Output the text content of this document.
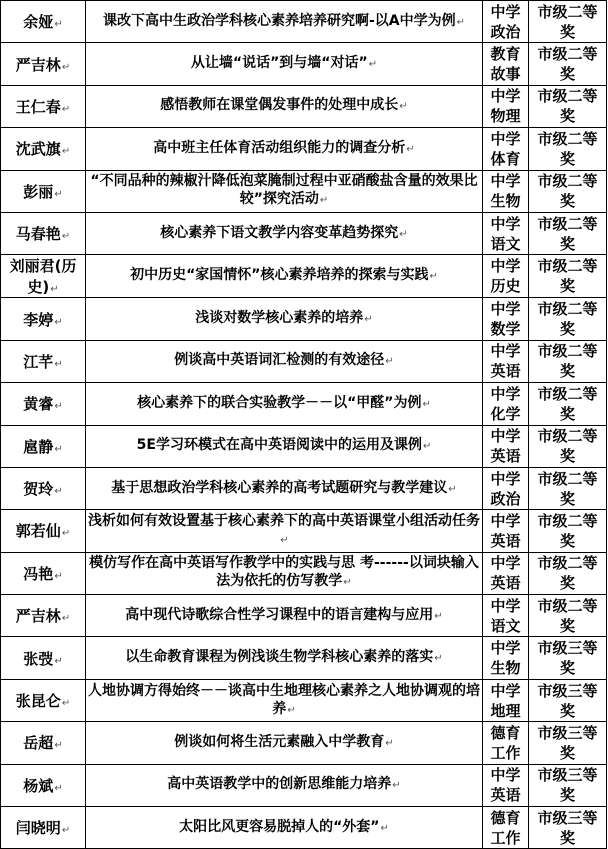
余娅↵	课改下高中生政治学科核心素养培养研究啊-以A中学为例↵	中学政治	市级二等奖
严吉林↵	从让墙“说话”到与墙“对话”↵	教育故事	市级二等奖
王仁春↵	感悟教师在课堂偶发事件的处理中成长↵	中学物理	市级二等奖
沈武旗↵	高中班主任体育活动组织能力的调查分析↵	中学体育	市级二等奖
彭丽↵	“不同品种的辣椒汁降低泡菜腌制过程中亚硝酸盐含量的效果比较”探究活动↵	中学生物	市级二等奖
马春艳↵	核心素养下语文教学内容变革趋势探究↵	中学语文	市级二等奖
刘丽君(历史)↵	初中历史“家国情怀”核心素养培养的探索与实践↵	中学历史	市级二等奖
李婷↵	浅谈对数学核心素养的培养↵	中学数学	市级二等奖
江芊↵	例谈高中英语词汇检测的有效途径↵	中学英语	市级二等奖
黄睿↵	核心素养下的联合实验教学－－以“甲醛”为例↵	中学化学	市级二等奖
扈静↵	5E学习环模式在高中英语阅读中的运用及课例↵	中学英语	市级二等奖
贺玲↵	基于思想政治学科核心素养的高考试题研究与教学建议↵	中学政治	市级二等奖
郭若仙↵	浅析如何有效设置基于核心素养下的高中英语课堂小组活动任务↵	中学英语	市级二等奖
冯艳↵	模仿写作在高中英语写作教学中的实践与思 考------以词块输入法为依托的仿写教学↵	中学英语	市级二等奖
严吉林↵	高中现代诗歌综合性学习课程中的语言建构与应用↵	中学语文	市级二等奖
张弢↵	以生命教育课程为例浅谈生物学科核心素养的落实↵	中学生物	市级三等奖
张昆仑↵	人地协调方得始终－－谈高中生地理核心素养之人地协调观的培养↵	中学地理	市级三等奖
岳超↵	例谈如何将生活元素融入中学教育↵	德育工作	市级三等奖
杨斌↵	高中英语教学中的创新思维能力培养↵	中学英语	市级三等奖
闫晓明↵	太阳比风更容易脱掉人的“外套”↵	德育工作	市级三等奖
